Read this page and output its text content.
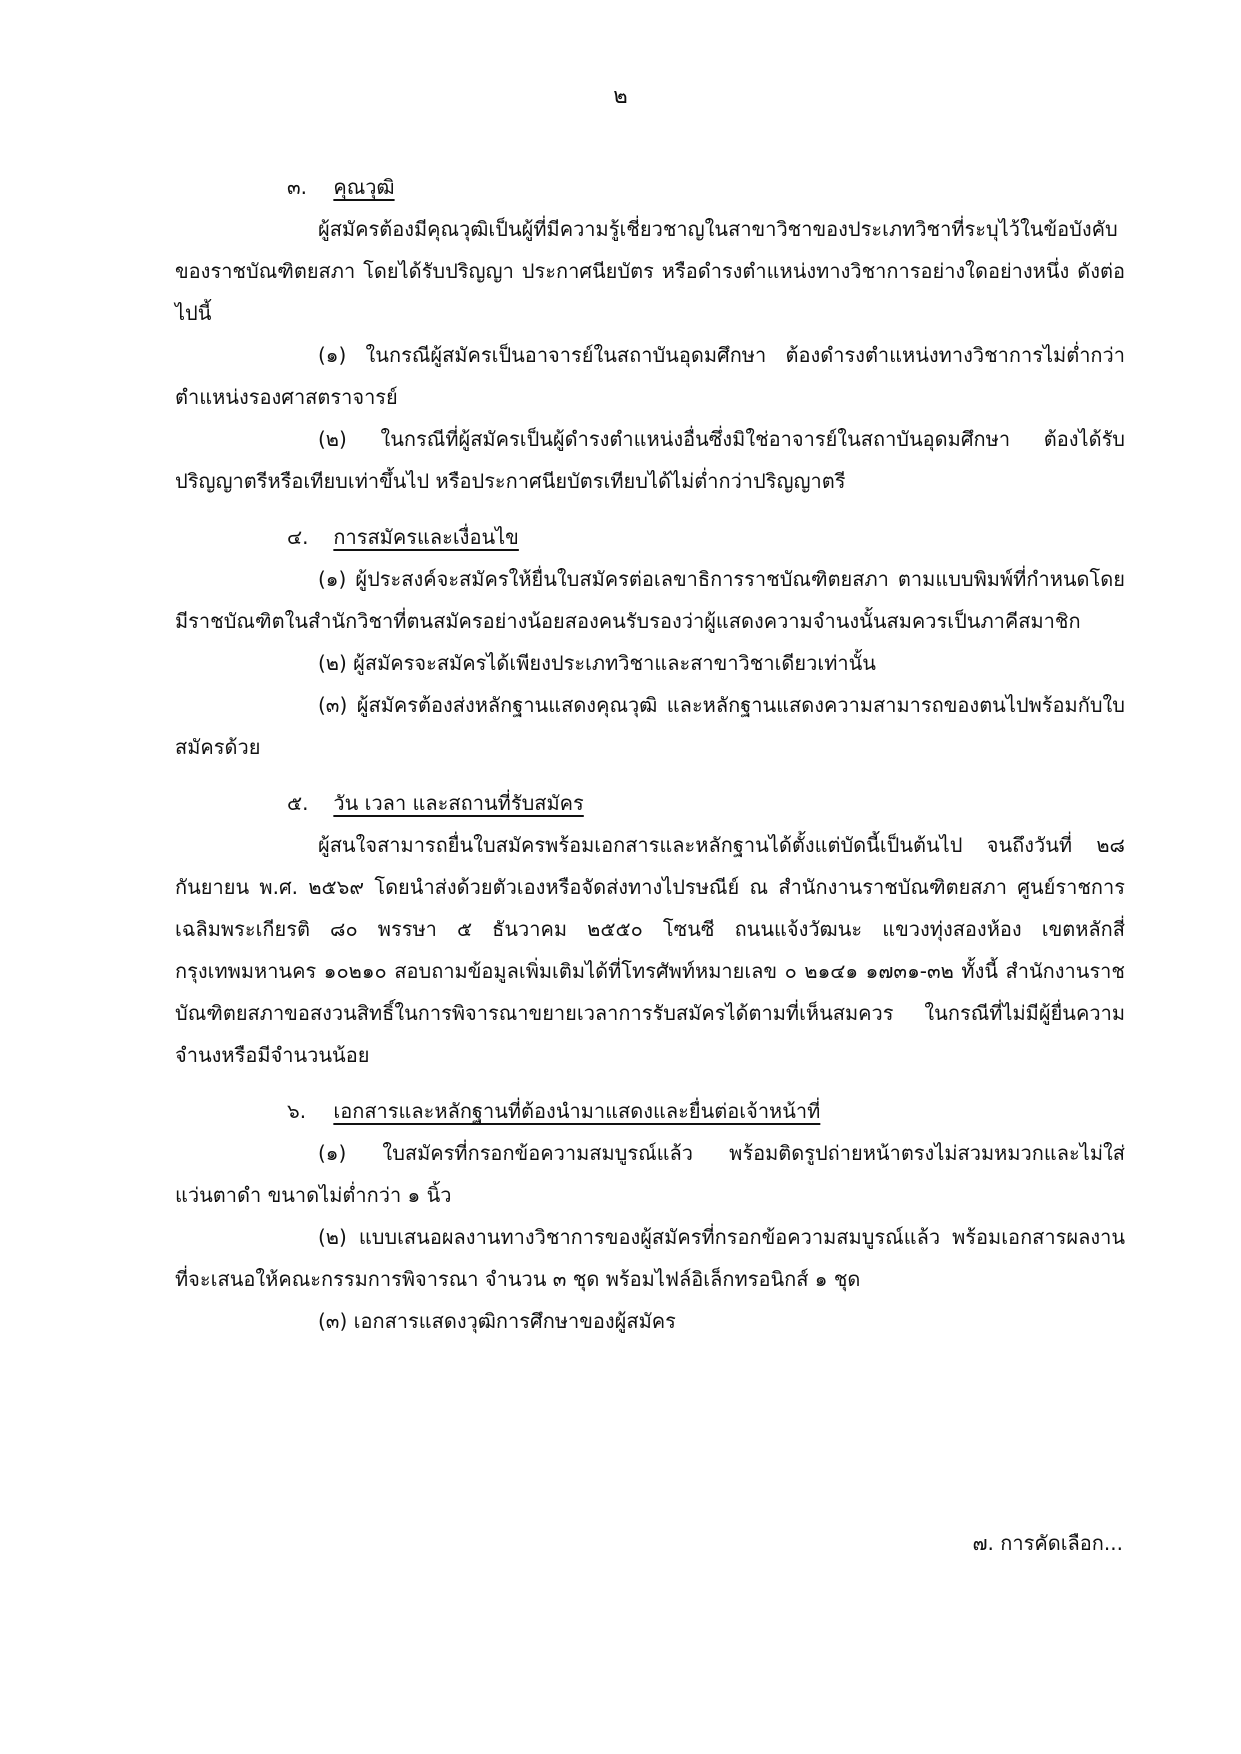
๒
๓. คุณวุฒิ

ผู้สมัครต้องมีคุณวุฒิเป็นผู้ที่มีความรู้เชี่ยวชาญในสาขาวิชาของประเภทวิชาที่ระบุไว้ในข้อบังคับของราชบัณฑิตยสภา โดยได้รับปริญญา ประกาศนียบัตร หรือดำรงตำแหน่งทางวิชาการอย่างใดอย่างหนึ่ง ดังต่อไปนี้

(๑) ในกรณีผู้สมัครเป็นอาจารย์ในสถาบันอุดมศึกษา ต้องดำรงตำแหน่งทางวิชาการไม่ต่ำกว่าตำแหน่งรองศาสตราจารย์

(๒) ในกรณีที่ผู้สมัครเป็นผู้ดำรงตำแหน่งอื่นซึ่งมิใช่อาจารย์ในสถาบันอุดมศึกษา ต้องได้รับปริญญาตรีหรือเทียบเท่าขึ้นไป หรือประกาศนียบัตรเทียบได้ไม่ต่ำกว่าปริญญาตรี

๔. การสมัครและเงื่อนไข

(๑) ผู้ประสงค์จะสมัครให้ยื่นใบสมัครต่อเลขาธิการราชบัณฑิตยสภา ตามแบบพิมพ์ที่กำหนดโดยมีราชบัณฑิตในสำนักวิชาที่ตนสมัครอย่างน้อยสองคนรับรองว่าผู้แสดงความจำนงนั้นสมควรเป็นภาคีสมาชิก

(๒) ผู้สมัครจะสมัครได้เพียงประเภทวิชาและสาขาวิชาเดียวเท่านั้น

(๓) ผู้สมัครต้องส่งหลักฐานแสดงคุณวุฒิ และหลักฐานแสดงความสามารถของตนไปพร้อมกับใบสมัครด้วย

๕. วัน เวลา และสถานที่รับสมัคร

ผู้สนใจสามารถยื่นใบสมัครพร้อมเอกสารและหลักฐานได้ตั้งแต่บัดนี้เป็นต้นไป จนถึงวันที่ ๒๘ กันยายน พ.ศ. ๒๕๖๙ โดยนำส่งด้วยตัวเองหรือจัดส่งทางไปรษณีย์ ณ สำนักงานราชบัณฑิตยสภา ศูนย์ราชการเฉลิมพระเกียรติ ๘๐ พรรษา ๕ ธันวาคม ๒๕๕๐ โซนซี ถนนแจ้งวัฒนะ แขวงทุ่งสองห้อง เขตหลักสี่ กรุงเทพมหานคร ๑๐๒๑๐ สอบถามข้อมูลเพิ่มเติมได้ที่โทรศัพท์หมายเลข ๐ ๒๑๔๑ ๑๗๓๑-๓๒ ทั้งนี้ สำนักงานราชบัณฑิตยสภาขอสงวนสิทธิ์ในการพิจารณาขยายเวลาการรับสมัครได้ตามที่เห็นสมควร ในกรณีที่ไม่มีผู้ยื่นความจำนงหรือมีจำนวนน้อย

๖. เอกสารและหลักฐานที่ต้องนำมาแสดงและยื่นต่อเจ้าหน้าที่

(๑) ใบสมัครที่กรอกข้อความสมบูรณ์แล้ว พร้อมติดรูปถ่ายหน้าตรงไม่สวมหมวกและไม่ใส่แว่นตาดำ ขนาดไม่ต่ำกว่า ๑ นิ้ว

(๒) แบบเสนอผลงานทางวิชาการของผู้สมัครที่กรอกข้อความสมบูรณ์แล้ว พร้อมเอกสารผลงานที่จะเสนอให้คณะกรรมการพิจารณา จำนวน ๓ ชุด พร้อมไฟล์อิเล็กทรอนิกส์ ๑ ชุด

(๓) เอกสารแสดงวุฒิการศึกษาของผู้สมัคร

๗. การคัดเลือก...
